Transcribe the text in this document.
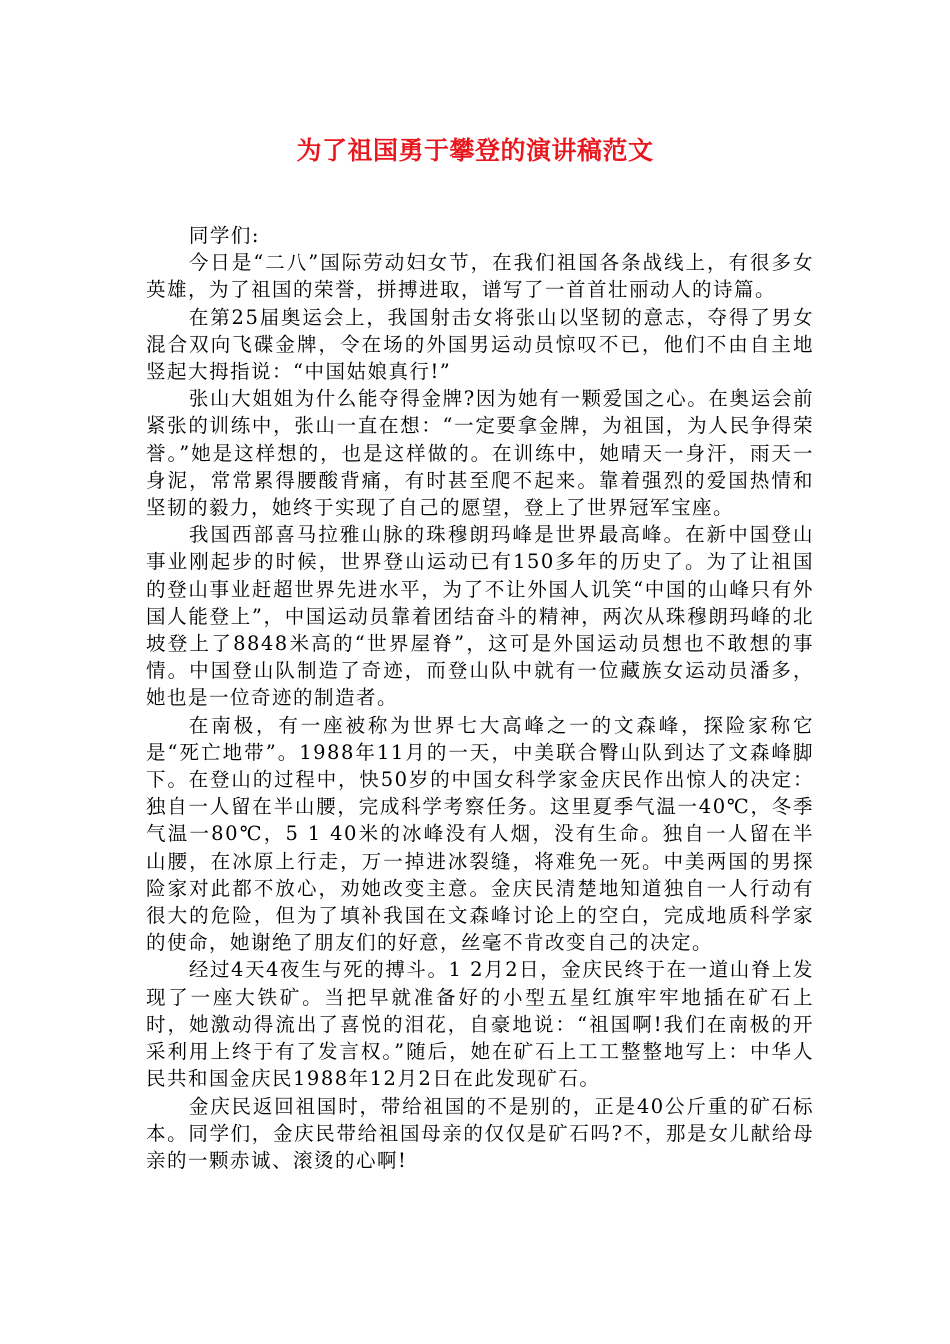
为了祖国勇于攀登的演讲稿范文

同学们:

今日是“二八”国际劳动妇女节，在我们祖国各条战线上，有很多女英雄，为了祖国的荣誉，拼搏进取，谱写了一首首壮丽动人的诗篇。

在第25届奥运会上，我国射击女将张山以坚韧的意志，夺得了男女混合双向飞碟金牌，令在场的外国男运动员惊叹不已，他们不由自主地竖起大拇指说：“中国姑娘真行!”

张山大姐姐为什么能夺得金牌?因为她有一颗爱国之心。在奥运会前紧张的训练中，张山一直在想：“一定要拿金牌，为祖国，为人民争得荣誉。”她是这样想的，也是这样做的。在训练中，她晴天一身汗，雨天一身泥，常常累得腰酸背痛，有时甚至爬不起来。靠着强烈的爱国热情和坚韧的毅力，她终于实现了自己的愿望，登上了世界冠军宝座。

我国西部喜马拉雅山脉的珠穆朗玛峰是世界最高峰。在新中国登山事业刚起步的时候，世界登山运动已有150多年的历史了。为了让祖国的登山事业赶超世界先进水平，为了不让外国人讥笑“中国的山峰只有外国人能登上”，中国运动员靠着团结奋斗的精神，两次从珠穆朗玛峰的北坡登上了8848米高的“世界屋脊”，这可是外国运动员想也不敢想的事情。中国登山队制造了奇迹，而登山队中就有一位藏族女运动员潘多，她也是一位奇迹的制造者。

在南极，有一座被称为世界七大高峰之一的文森峰，探险家称它是“死亡地带”。1988年11月的一天，中美联合臀山队到达了文森峰脚下。在登山的过程中，快50岁的中国女科学家金庆民作出惊人的决定：独自一人留在半山腰，完成科学考察任务。这里夏季气温一40℃，冬季气温一80℃，5 1 40米的冰峰没有人烟，没有生命。独自一人留在半山腰，在冰原上行走，万一掉进冰裂缝，将难免一死。中美两国的男探险家对此都不放心，劝她改变主意。金庆民清楚地知道独自一人行动有很大的危险，但为了填补我国在文森峰讨论上的空白，完成地质科学家的使命，她谢绝了朋友们的好意，丝毫不肯改变自己的决定。

经过4天4夜生与死的搏斗。1 2月2日，金庆民终于在一道山脊上发现了一座大铁矿。当把早就准备好的小型五星红旗牢牢地插在矿石上时，她激动得流出了喜悦的泪花，自豪地说：“祖国啊!我们在南极的开采利用上终于有了发言权。”随后，她在矿石上工工整整地写上：中华人民共和国金庆民1988年12月2日在此发现矿石。

金庆民返回祖国时，带给祖国的不是别的，正是40公斤重的矿石标本。同学们，金庆民带给祖国母亲的仅仅是矿石吗?不，那是女儿献给母亲的一颗赤诚、滚烫的心啊!
